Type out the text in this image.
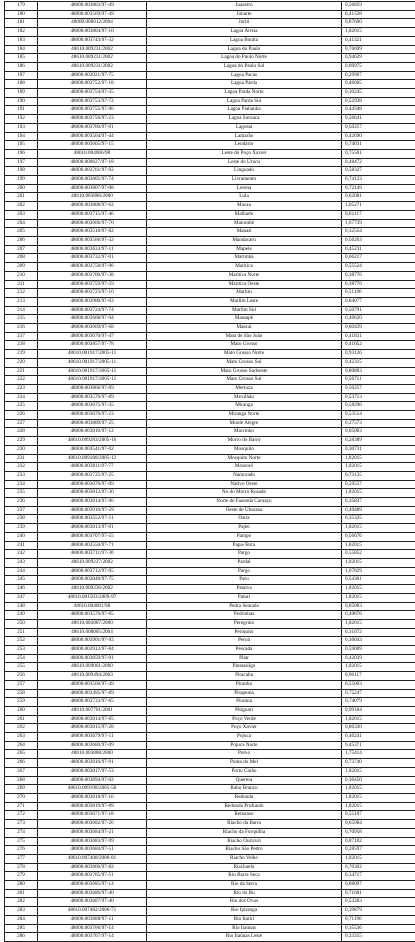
179	48000.003803/97-49	Juazeiro	0,56859
180	48000.003569/97-49	Jubarte	0,41528
181	48000.008012/2004	Juriti	0,87600
182	48000.003804/97-10	Lagoa Arreia	1,82015
183	48000.003743/97-32	Lagoa Bonita	0,41321
184	48610.009231/2002	Lagoa do Paulo	0,76699
185	48610.009231/2002	Lagoa do Paulo Norte	0,94629
186	48610.009231/2002	Lagoa do Paulo Sul	0,69975
187	48000.003921/97-75	Lagoa Pacas	0,29967
188	48000.003752/97-18	Lagoa Parda	0,46065
189	48000.003754/97-35	Lagoa Parda Norte	0,30245
190	48000.003753/97-72	Lagoa Parda Sul	0,52938
191	48000.003755/97-96	Lagoa Piabanha	0,44508
192	48000.003756/97-23	Lagoa Suruaca	0,56641
193	48000.003760/97-01	Lagosta	0,50257
194	48000.003564/97-44	Lamarão	0,42690
195	48000.003665/97-15	Lendário	0,74031
196	48610.004066/98	Leste do Poço Xavier	0,75501
197	48000.000627/97-18	Leste do Urucu	0,48472
198	48000.003761/97-92	Linguado	0,58327
199	48000.003805/97-74	Livramento	0,74123
200	48000.003807/97-08	Lorena	0,72149
201	48610.003886/2000	Lula	0,62081
202	48000.003808/97-62	Macau	1,05271
203	48000.003715/97-46	Malhado	0,62117
204	48000.003666/97-70	Malombê	1,67739
205	48000.003518/97-82	Manati	0,32554
206	48000.003566/97-32	Mandacaru	0,56263
207	48000.003633/97-11	Mapele	0,45231
208	48000.003732/97-01	Marimbá	0,66217
209	48000.003758/97-96	Maritica	0,55524
210	48000.003760/97-38	Maritica Norte	0,38776
211	48000.003759/97-59	Maritica Oeste	0,38776
212	48000.003723/97-10	Marlim	0,51196
213	48000.003900/97-03	Marlim Leste	0,84077
214	48000.003724/97-74	Marlim Sul	0,50791
215	48000.003668/97-94	Massapê	0,49620
216	48000.003669/97-68	Massuí	0,60439
217	48000.003670/97-47	Mata de São João	0,41831
218	48000.003857/97-78	Mato Grosso	0,41052
219	48610.001917/2005-11	Mato Grosso Norte	0,93126
220	48610.001917/2005-11	Mato Grosso Sul	0,42315
221	48610.001917/2005-11	Mato Grosso Sudoeste	0,80803
222	48610.001917/2005-11	Mato Grosso Sul	0,56711
223	48000.003866/97-69	Merluza	0,50257
224	48000.003576/97-89	Mexilhão	0,53713
225	48000.003675/97-35	Miranga	0,58296
226	48000.003676/97-23	Miranga Norte	0,53514
227	48000.003809/97-25	Monte Alegre	0,27573
228	48000.003810/97-12	Morrinho	0,85083
229	48610.009283/2005-16	Morro do Barro	0,28389
230	48000.003541/97-02	Mosquito	0,30731
231	48610.009188/2005-12	Mosquito Norte	1,82015
232	48000.003811/97-77	Mossoró	1,82015
233	48000.003725/97-25	Namorado	0,73135
234	48000.003676/97-09	Nativo Oeste	0,59557
235	48000.003812/97-30	No do Morro Rosado	1,82015
236	48000.003814/97-96	Norte de Fazenda Caruaçu	0,35837
237	48000.003910/97-59	Oeste de Ubarana	0,49489
238	48000.003552/97-11	Ostra	0,35325
239	48000.003813/97-01	Pajeú	1,82015
240	48000.003707/97-55	Pampo	0,56676
241	48000.003556/97-71	Papa-Terra	1,82015
242	48000.003711/97-30	Pargo	0,55852
243	48610.009227/2002	Pardal	1,82015
244	48000.003712/97-95	Pargo	1,07829
245	48000.003840/97-75	Paru	0,54301
246	48610.009236/2002	Pataiva	1,82015
247	48610.001503/2009-97	Paturi	1,82015
248	48610.004001/98	Pedra Sentada	0,85083
249	48000.003576/97-85	Pedrinhas	0,49876
250	48610.003887/2000	Peregrino	1,82015
251	48610.008005/2004	Periquito	0,31072
252	48000.003901/97-93	Peroá	0,36043
253	48000.003912/97-84	Pescada	0,59009
254	48000.003859/97-01	Pilar	0,42039
255	48610.009001/2000	Pintassilgo	1,82015
256	48610.009494/2003	Piracaba	0,96117
257	48000.003560/97-49	Piranhu	0,55003
258	48000.003495/97-89	Pirapema	0,75247
259	48000.003733/97-65	Piraúna	0,74079
260	48610.007701/2001	Pitiguari	0,99184
261	48000.003814/97-65	Poço Verde	1,82015
262	48000.003815/97-28	Poço Xavier	0,86330
263	48000.003679/97-11	Pojuca	0,46241
264	48000.003680/97-09	Pojuca Norte	0,45371
265	48610.003888/2000	Polvo	1,75414
266	48000.003816/97-91	Ponta do Mel	0,73740
267	48000.003817/97-53	Porto Carão	1,82015
268	48000.003894/97-02	Querera	0,36450
269	48610.009198/2005-58	Rabo Branco	1,82015
270	48000.003818/97-16	Redonda	1,82015
271	48000.003819/97-89	Redonda Profundo	1,82015
272	48000.003671/97-18	Remanso	0,55107
273	48000.003682/97-26	Riacho da Barra	0,65984
274	48000.003684/97-21	Riacho da Forquilha	0,70958
275	48000.003683/97-99	Riacho Ouricuri	0,87102
276	48000.003684/97-51	Riacho São Pedro	0,28597
277	48610.007408/2006-81	Riacho Velho	1,82015
278	48000.003860/97-82	Riachuelo	0,70302
279	48000.003765/97-51	Rio Barra Seca	0,34717
280	48000.003685/97-14	Rio da Serra	0,88097
281	48000.003686/97-40	Rio do Bu	0,71681
282	48000.003687/97-40	Rio dos Ovos	0,53283
283	48610.007482/2006-71	Rio Ipiranga	0,39879
284	48000.003688/97-11	Rio Itariri	0,71196
285	48000.003766/97-14	Rio Itaúnas	0,35536
286	48000.003767/97-14	Rio Itaúnas Leste	0,33355
